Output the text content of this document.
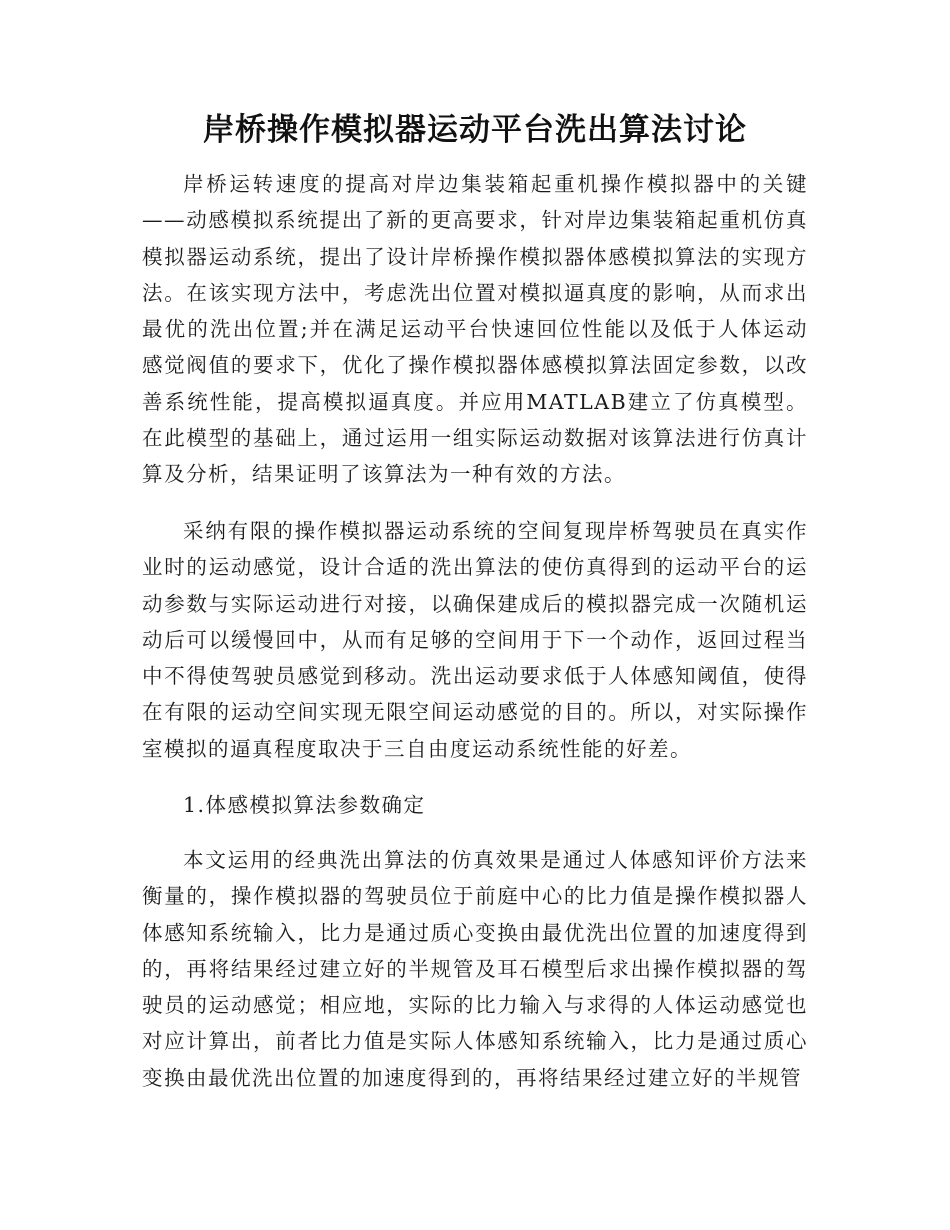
岸桥操作模拟器运动平台洗出算法讨论

岸桥运转速度的提高对岸边集装箱起重机操作模拟器中的关键——动感模拟系统提出了新的更高要求，针对岸边集装箱起重机仿真模拟器运动系统，提出了设计岸桥操作模拟器体感模拟算法的实现方法。在该实现方法中，考虑洗出位置对模拟逼真度的影响，从而求出最优的洗出位置;并在满足运动平台快速回位性能以及低于人体运动感觉阀值的要求下，优化了操作模拟器体感模拟算法固定参数，以改善系统性能，提高模拟逼真度。并应用MATLAB建立了仿真模型。在此模型的基础上，通过运用一组实际运动数据对该算法进行仿真计算及分析，结果证明了该算法为一种有效的方法。

采纳有限的操作模拟器运动系统的空间复现岸桥驾驶员在真实作业时的运动感觉，设计合适的洗出算法的使仿真得到的运动平台的运动参数与实际运动进行对接，以确保建成后的模拟器完成一次随机运动后可以缓慢回中，从而有足够的空间用于下一个动作，返回过程当中不得使驾驶员感觉到移动。洗出运动要求低于人体感知阈值，使得在有限的运动空间实现无限空间运动感觉的目的。所以，对实际操作室模拟的逼真程度取决于三自由度运动系统性能的好差。

1.体感模拟算法参数确定

本文运用的经典洗出算法的仿真效果是通过人体感知评价方法来衡量的，操作模拟器的驾驶员位于前庭中心的比力值是操作模拟器人体感知系统输入，比力是通过质心变换由最优洗出位置的加速度得到的，再将结果经过建立好的半规管及耳石模型后求出操作模拟器的驾驶员的运动感觉；相应地，实际的比力输入与求得的人体运动感觉也对应计算出，前者比力值是实际人体感知系统输入，比力是通过质心变换由最优洗出位置的加速度得到的，再将结果经过建立好的半规管
